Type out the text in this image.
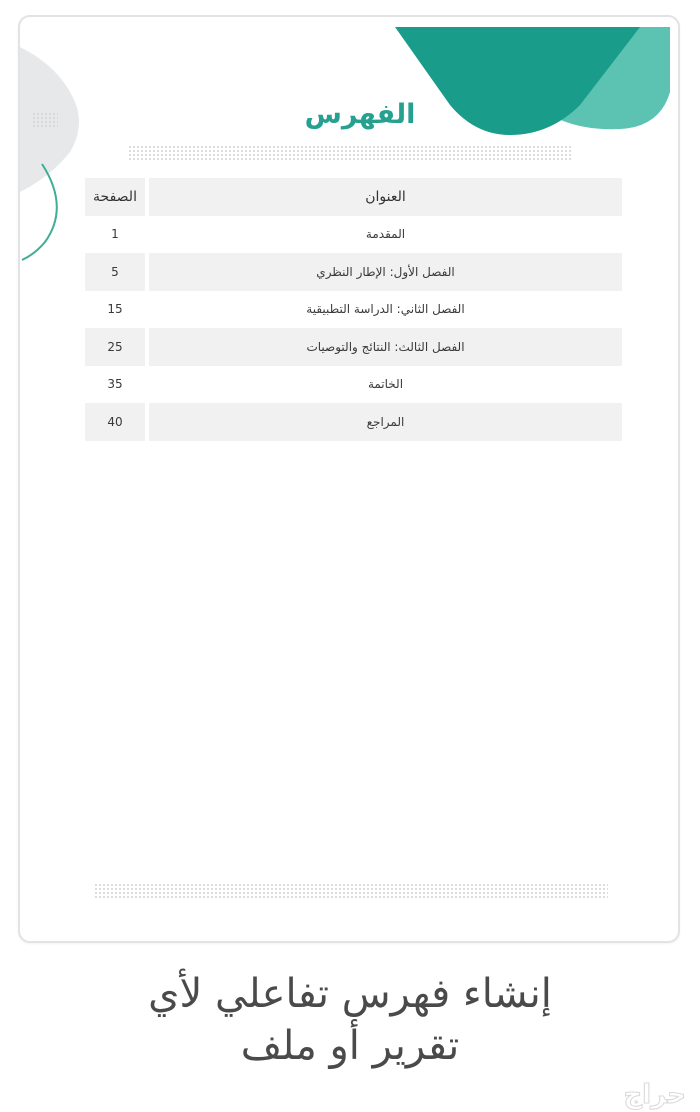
الفهرس
العنوان	الصفحة
المقدمة	1
الفصل الأول: الإطار النظري	5
الفصل الثاني: الدراسة التطبيقية	15
الفصل الثالث: النتائج والتوصيات	25
الخاتمة	35
المراجع	40
إنشاء فهرس تفاعلي لأي
تقرير أو ملف
حراج
